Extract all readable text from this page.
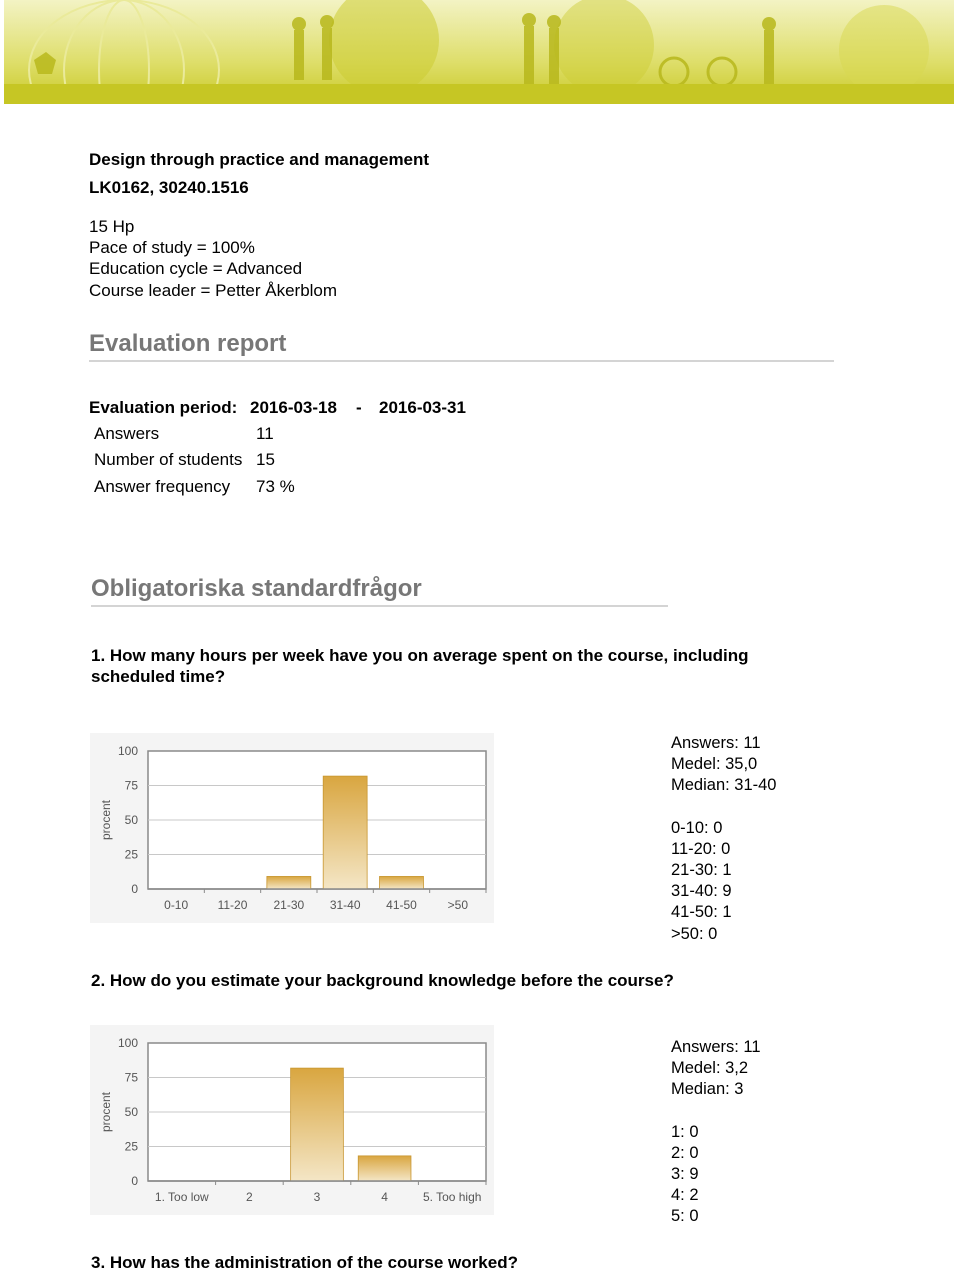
Design through practice and management
LK0162, 30240.1516
15 Hp
Pace of study = 100%
Education cycle = Advanced
Course leader = Petter Åkerblom
Evaluation report
Evaluation period: 2016-03-18 - 2016-03-31
Answers	11
Number of students 15
Answer frequency 73 %
Obligatoriska standardfrågor
1. How many hours per week have you on average spent on the course, including
scheduled time?
100
75
50
25
0
procent
0-10 11-20 21-30 31-40 41-50	>50
Answers: 11
Medel: 35,0
Median: 31-40
0-10: 0
11-20: 0
21-30: 1
31-40: 9
41-50: 1
>50: 0
2. How do you estimate your background knowledge before the course?
100
75
50
25
0
procent
1. Too low	2	3	4	5. Too high
Answers: 11
Medel: 3,2
Median: 3
1: 0
2: 0
3: 9
4: 2
5: 0
3. How has the administration of the course worked?
